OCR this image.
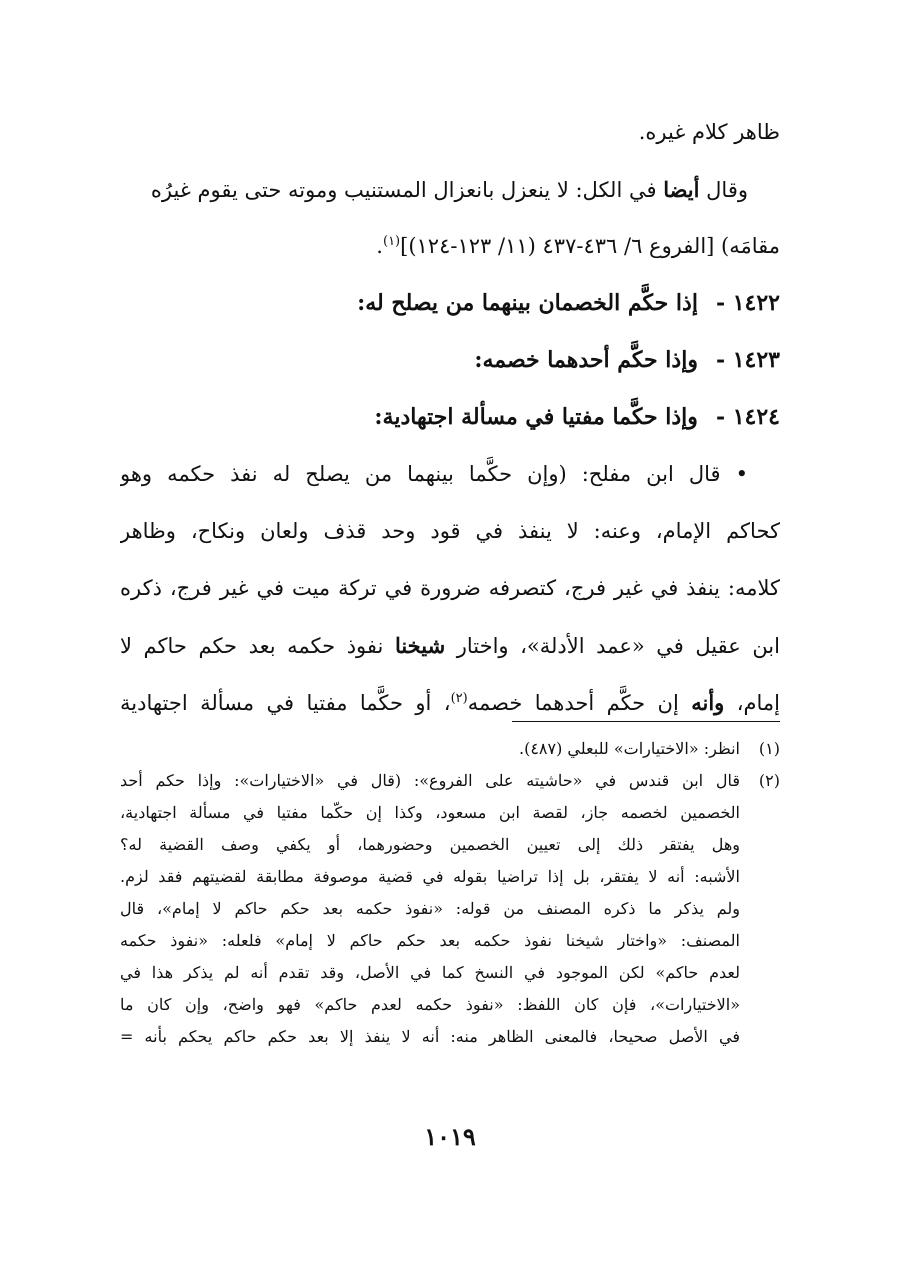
ظاهر كلام غيره.
وقال أيضا في الكل: لا ينعزل بانعزال المستنيب وموته حتى يقوم غيرُه
مقامَه) [الفروع ٦/ ٤٣٦-٤٣٧ (١١/ ١٢٣-١٢٤)]$^{(١)}$.
١٤٢٢ -إذا حكَّم الخصمان بينهما من يصلح له:
١٤٢٣ -وإذا حكَّم أحدهما خصمه:
١٤٢٤ -وإذا حكَّما مفتيا في مسألة اجتهادية:
• قال ابن مفلح: (وإن حكَّما بينهما من يصلح له نفذ حكمه وهو
كحاكم الإمام، وعنه: لا ينفذ في قود وحد قذف ولعان ونكاح، وظاهر
كلامه: ينفذ في غير فرج، كتصرفه ضرورة في تركة ميت في غير فرج، ذكره
ابن عقيل في «عمد الأدلة»، واختار شيخنا نفوذ حكمه بعد حكم حاكم لا
إمام، وأنه إن حكَّم أحدهما خصمه$^{(٢)}$، أو حكَّما مفتيا في مسألة اجتهادية
(١)انظر: «الاختيارات» للبعلي (٤٨٧).
(٢)قال ابن قندس في «حاشيته على الفروع»: (قال في «الاختيارات»: وإذا حكم أحد
الخصمين لخصمه جاز، لقصة ابن مسعود، وكذا إن حكّما مفتيا في مسألة اجتهادية،
وهل يفتقر ذلك إلى تعيين الخصمين وحضورهما، أو يكفي وصف القضية له؟
الأشبه: أنه لا يفتقر، بل إذا تراضيا بقوله في قضية موصوفة مطابقة لقضيتهم فقد لزم.
ولم يذكر ما ذكره المصنف من قوله: «نفوذ حكمه بعد حكم حاكم لا إمام»، قال
المصنف: «واختار شيخنا نفوذ حكمه بعد حكم حاكم لا إمام» فلعله: «نفوذ حكمه
لعدم حاكم» لكن الموجود في النسخ كما في الأصل، وقد تقدم أنه لم يذكر هذا في
«الاختيارات»، فإن كان اللفظ: «نفوذ حكمه لعدم حاكم» فهو واضح، وإن كان ما
في الأصل صحيحا، فالمعنى الظاهر منه: أنه لا ينفذ إلا بعد حكم حاكم يحكم بأنه =
١٠١٩
